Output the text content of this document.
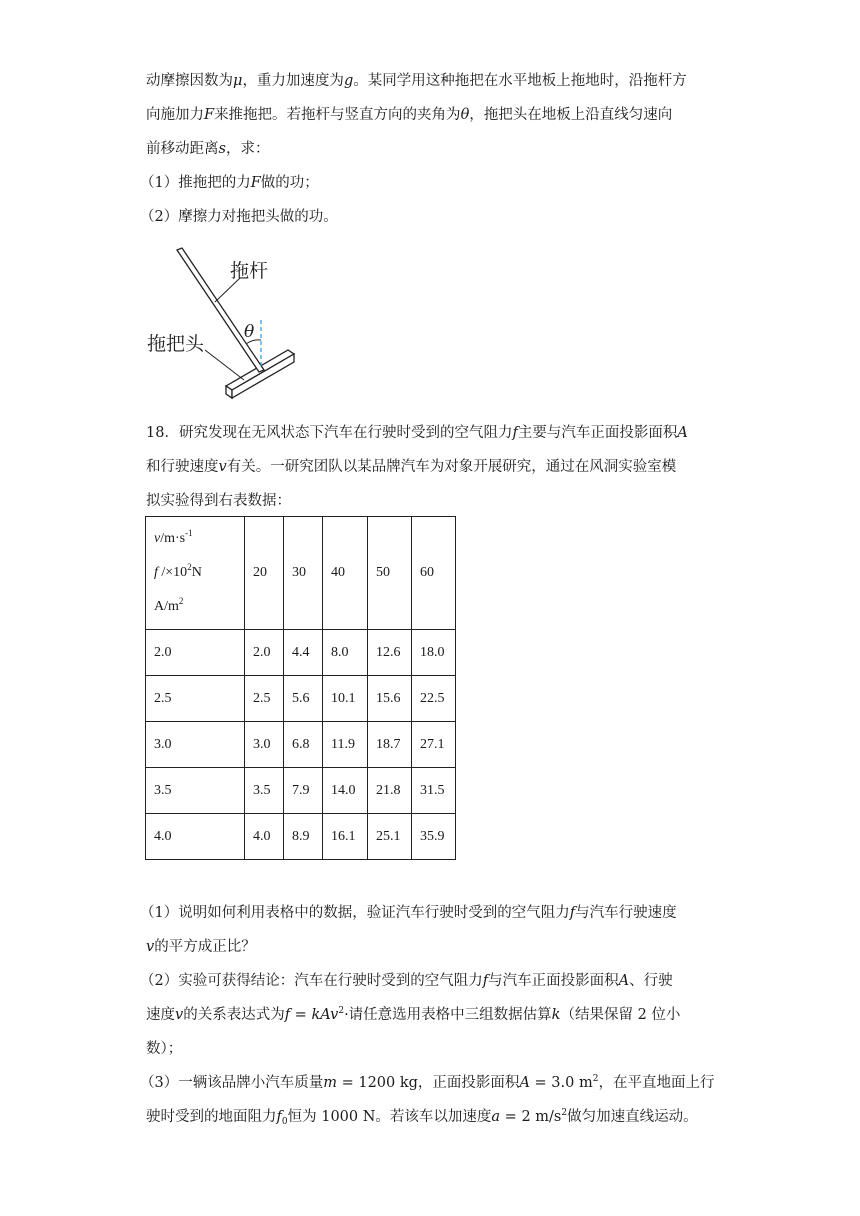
动摩擦因数为μ，重力加速度为g。某同学用这种拖把在水平地板上拖地时，沿拖杆方
向施加力F来推拖把。若拖杆与竖直方向的夹角为θ，拖把头在地板上沿直线匀速向
前移动距离s，求：
（1）推拖把的力F做的功；
（2）摩擦力对拖把头做的功。
拖杆
拖把头
θ
18．研究发现在无风状态下汽车在行驶时受到的空气阻力f主要与汽车正面投影面积A
和行驶速度v有关。一研究团队以某品牌汽车为对象开展研究，通过在风洞实验室模
拟实验得到右表数据：
$v/m\cdot s^{-1}$
f $/\times 10^2N$
$A/m^2$	20	30	40	50	60
2.0	2.0	4.4	8.0	12.6	18.0
2.5	2.5	5.6	10.1	15.6	22.5
3.0	3.0	6.8	11.9	18.7	27.1
3.5	3.5	7.9	14.0	21.8	31.5
4.0	4.0	8.9	16.1	25.1	35.9
（1）说明如何利用表格中的数据，验证汽车行驶时受到的空气阻力f与汽车行驶速度
v的平方成正比？
（2）实验可获得结论：汽车在行驶时受到的空气阻力f与汽车正面投影面积A、行驶
速度v的关系表达式为f = kAv$^2$·请任意选用表格中三组数据估算k（结果保留 2 位小
数）；
（3）一辆该品牌小汽车质量m = 1200 kg，正面投影面积A = 3.0 $m^2$，在平直地面上行
驶时受到的地面阻力$f_0$恒为 1000 N。若该车以加速度a = 2 $m/s^2$做匀加速直线运动。
